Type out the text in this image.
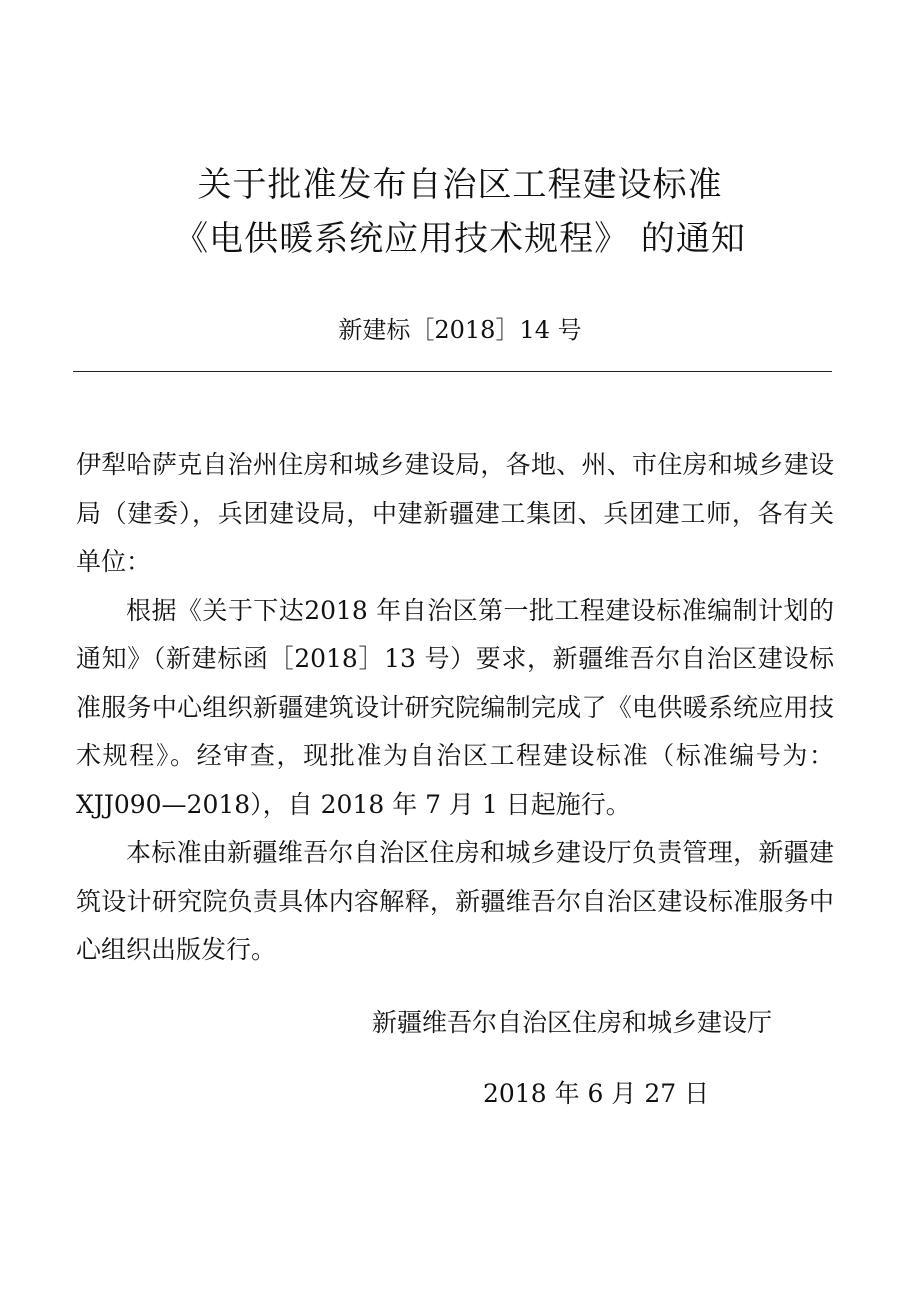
关于批准发布自治区工程建设标准
《电供暖系统应用技术规程》 的通知
新建标［2018］14 号

伊犁哈萨克自治州住房和城乡建设局，各地、州、市住房和城乡建设局（建委），兵团建设局，中建新疆建工集团、兵团建工师，各有关单位：

根据《关于下达2018 年自治区第一批工程建设标准编制计划的通知》（新建标函［2018］13 号）要求，新疆维吾尔自治区建设标准服务中心组织新疆建筑设计研究院编制完成了《电供暖系统应用技术规程》。经审查，现批准为自治区工程建设标准（标准编号为：XJJ090—2018），自 2018 年 7 月 1 日起施行。

本标准由新疆维吾尔自治区住房和城乡建设厅负责管理，新疆建筑设计研究院负责具体内容解释，新疆维吾尔自治区建设标准服务中心组织出版发行。

新疆维吾尔自治区住房和城乡建设厅
2018 年 6 月 27 日
